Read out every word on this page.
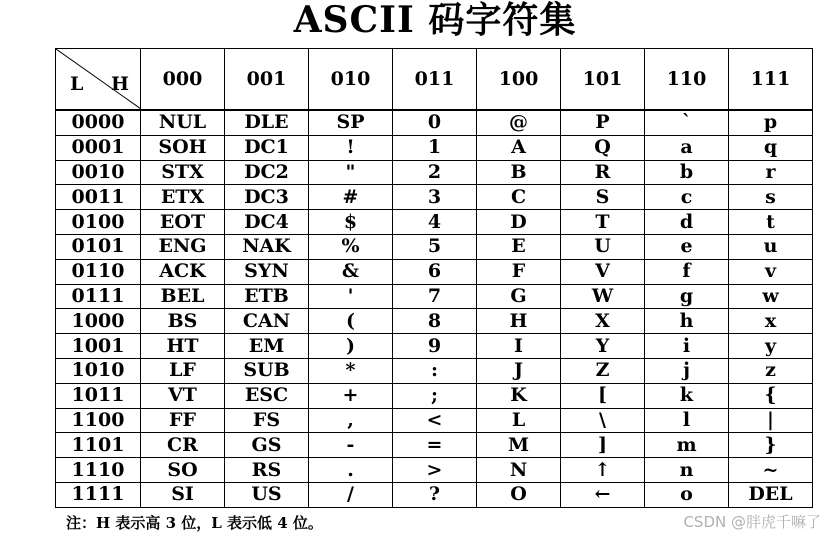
ASCII 码字符集
L H	000	001	010	011	100	101	110	111
0000	NUL	DLE	SP	0	@	P	`	p
0001	SOH	DC1	!	1	A	Q	a	q
0010	STX	DC2	"	2	B	R	b	r
0011	ETX	DC3	#	3	C	S	c	s
0100	EOT	DC4	$	4	D	T	d	t
0101	ENG	NAK	%	5	E	U	e	u
0110	ACK	SYN	&	6	F	V	f	v
0111	BEL	ETB	'	7	G	W	g	w
1000	BS	CAN	(	8	H	X	h	x
1001	HT	EM	)	9	I	Y	i	y
1010	LF	SUB	*	:	J	Z	j	z
1011	VT	ESC	+	;	K	[	k	{
1100	FF	FS	,	<	L	\	l	|
1101	CR	GS	-	=	M	]	m	}
1110	SO	RS	.	>	N	↑	n	~
1111	SI	US	/	?	O	←	o	DEL
注：H 表示高 3 位，L 表示低 4 位。	CSDN @胖虎千嘛了
